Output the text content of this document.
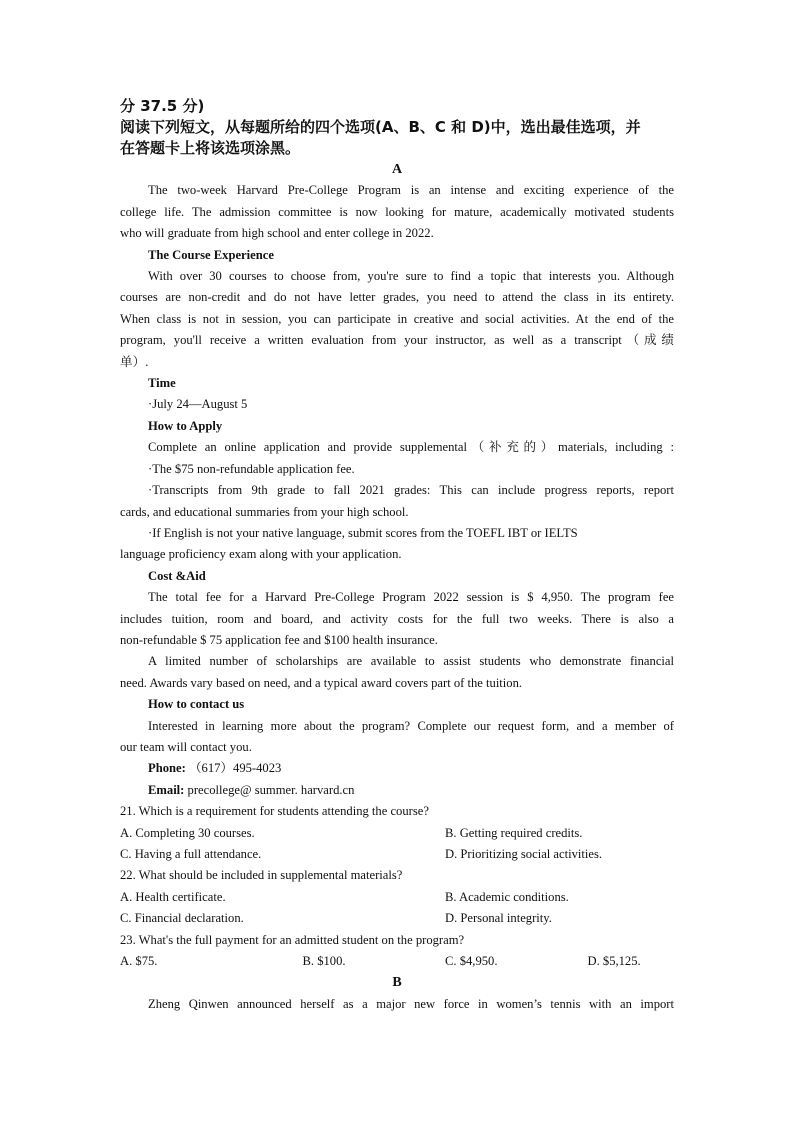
分 37.5 分)
阅读下列短文，从每题所给的四个选项(A、B、C 和 D)中，选出最佳选项，并
在答题卡上将该选项涂黑。
A
The two-week Harvard Pre-College Program is an intense and exciting experience of the
college life. The admission committee is now looking for mature, academically motivated students
who will graduate from high school and enter college in 2022.
The Course Experience
With over 30 courses to choose from, you're sure to find a topic that interests you. Although
courses are non-credit and do not have letter grades, you need to attend the class in its entirety.
When class is not in session, you can participate in creative and social activities. At the end of the
program, you'll receive a written evaluation from your instructor, as well as a transcript（成绩
单）.
Time
·July 24—August 5
How to Apply
Complete an online application and provide supplemental（补充的）materials, including :
·The $75 non-refundable application fee.
·Transcripts from 9th grade to fall 2021 grades: This can include progress reports, report
cards, and educational summaries from your high school.
·If English is not your native language, submit scores from the TOEFL IBT or IELTS
language proficiency exam along with your application.
Cost &Aid
The total fee for a Harvard Pre-College Program 2022 session is $ 4,950. The program fee
includes tuition, room and board, and activity costs for the full two weeks. There is also a
non-refundable $ 75 application fee and $100 health insurance.
A limited number of scholarships are available to assist students who demonstrate financial
need. Awards vary based on need, and a typical award covers part of the tuition.
How to contact us
Interested in learning more about the program? Complete our request form, and a member of
our team will contact you.
Phone: （617）495-4023
Email: precollege@ summer. harvard.cn
21. Which is a requirement for students attending the course?
A. Completing 30 courses.	B. Getting required credits.
C. Having a full attendance.	D. Prioritizing social activities.
22. What should be included in supplemental materials?
A. Health certificate.	B. Academic conditions.
C. Financial declaration.	D. Personal integrity.
23. What's the full payment for an admitted student on the program?
A. $75.	B. $100.	C. $4,950.	D. $5,125.
B
Zheng Qinwen announced herself as a major new force in women’s tennis with an import
